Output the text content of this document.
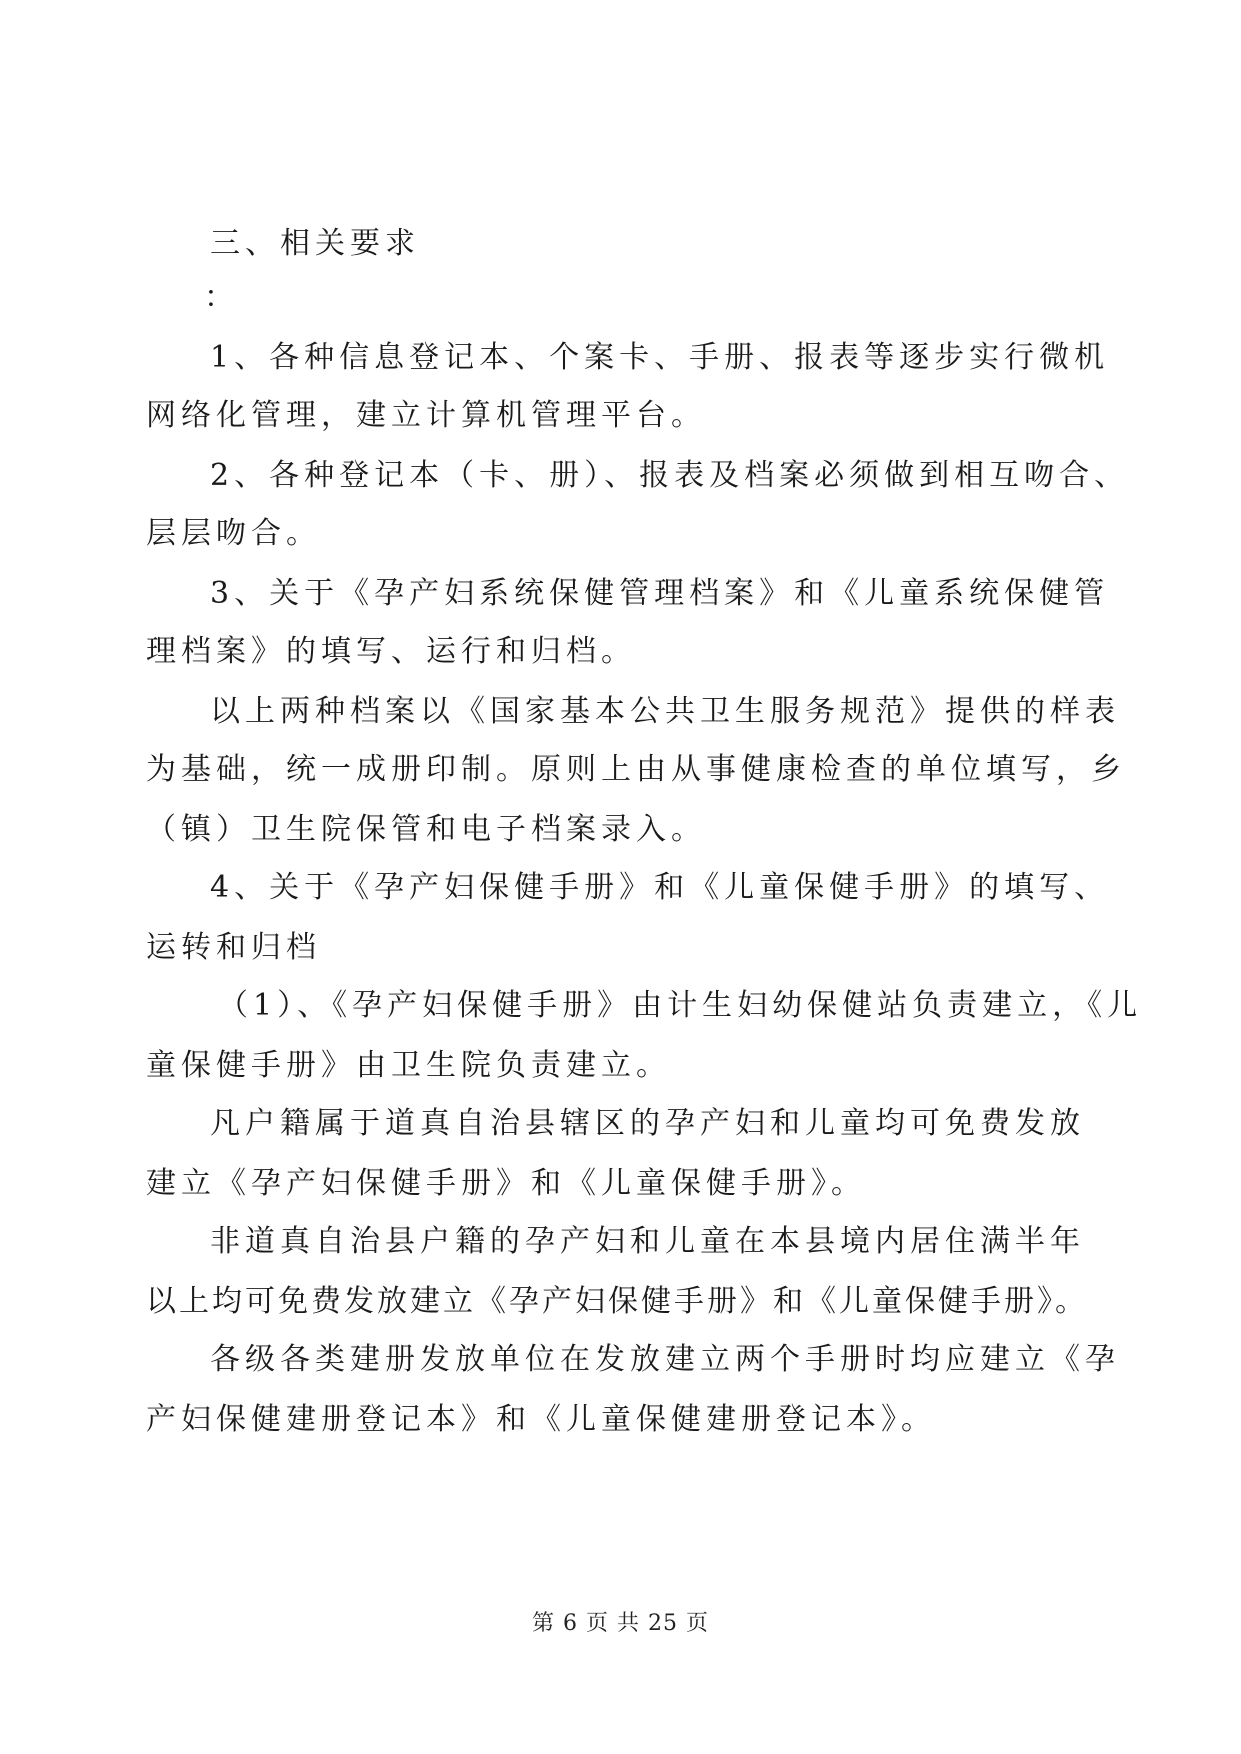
三、相关要求
：
1、各种信息登记本、个案卡、手册、报表等逐步实行微机
网络化管理，建立计算机管理平台。
2、各种登记本（卡、册）、报表及档案必须做到相互吻合、
层层吻合。
3、关于《孕产妇系统保健管理档案》和《儿童系统保健管
理档案》的填写、运行和归档。
以上两种档案以《国家基本公共卫生服务规范》提供的样表
为基础，统一成册印制。原则上由从事健康检查的单位填写，乡
（镇）卫生院保管和电子档案录入。
4、关于《孕产妇保健手册》和《儿童保健手册》的填写、
运转和归档
（1）、《孕产妇保健手册》由计生妇幼保健站负责建立，《儿
童保健手册》由卫生院负责建立。
凡户籍属于道真自治县辖区的孕产妇和儿童均可免费发放
建立《孕产妇保健手册》和《儿童保健手册》。
非道真自治县户籍的孕产妇和儿童在本县境内居住满半年
以上均可免费发放建立《孕产妇保健手册》和《儿童保健手册》。
各级各类建册发放单位在发放建立两个手册时均应建立《孕
产妇保健建册登记本》和《儿童保健建册登记本》。
第 6 页 共 25 页
